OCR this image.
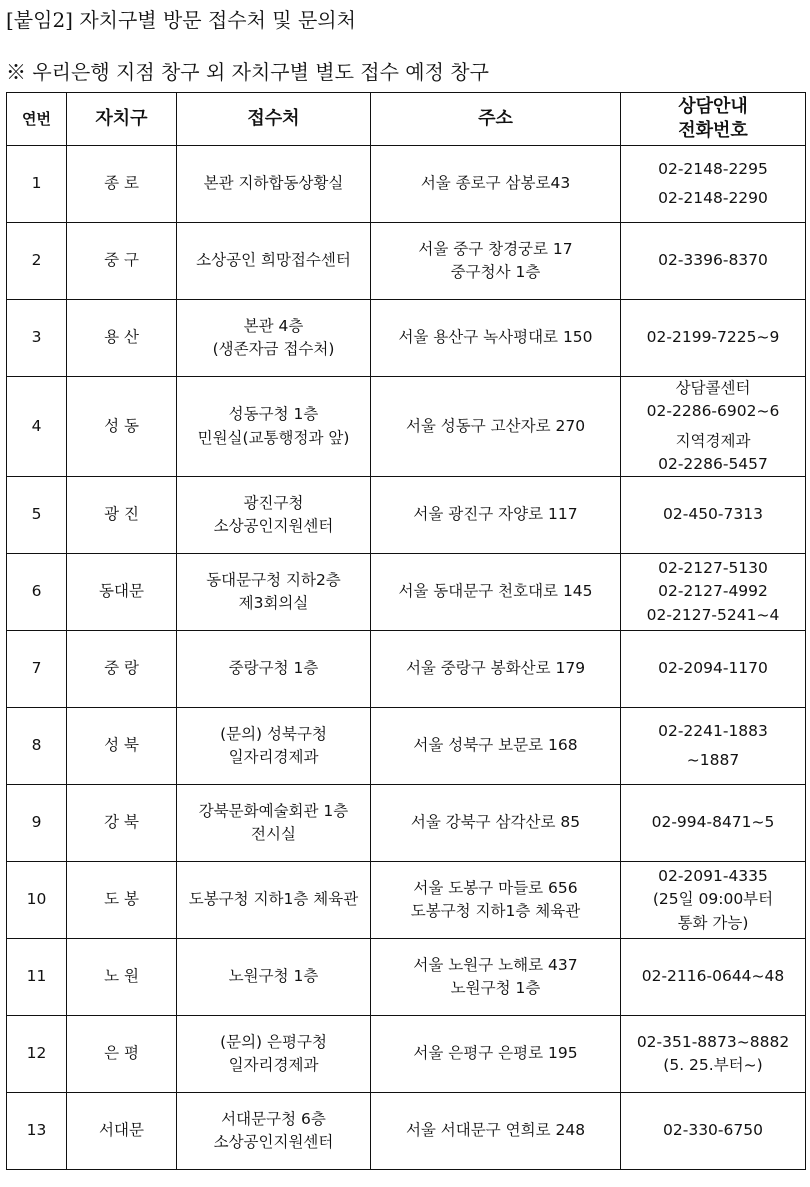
[붙임2] 자치구별 방문 접수처 및 문의처
※ 우리은행 지점 창구 외 자치구별 별도 접수 예정 창구
연번	자치구	접수처	주소	상담안내
전화번호

1	종 로	본관 지하합동상황실	서울 종로구 삼봉로43	02-2148-2295
02-2148-2290

2	중 구	소상공인 희망접수센터	서울 중구 창경궁로 17
중구청사 1층	02-3396-8370

3	용 산	본관 4층
(생존자금 접수처)	서울 용산구 녹사평대로 150	02-2199-7225~9

4	성 동	성동구청 1층
민원실(교통행정과 앞)	서울 성동구 고산자로 270	상담콜센터
02-2286-6902~6
지역경제과
02-2286-5457

5	광 진	광진구청
소상공인지원센터	서울 광진구 자양로 117	02-450-7313

6	동대문	동대문구청 지하2층
제3회의실	서울 동대문구 천호대로 145	02-2127-5130
02-2127-4992
02-2127-5241~4

7	중 랑	중랑구청 1층	서울 중랑구 봉화산로 179	02-2094-1170

8	성 북	(문의) 성북구청
일자리경제과	서울 성북구 보문로 168	02-2241-1883
~1887

9	강 북	강북문화예술회관 1층
전시실	서울 강북구 삼각산로 85	02-994-8471~5

10	도 봉	도봉구청 지하1층 체육관	서울 도봉구 마들로 656
도봉구청 지하1층 체육관	02-2091-4335
(25일 09:00부터
통화 가능)

11	노 원	노원구청 1층	서울 노원구 노해로 437
노원구청 1층	02-2116-0644~48

12	은 평	(문의) 은평구청
일자리경제과	서울 은평구 은평로 195	02-351-8873~8882
(5. 25.부터~)

13	서대문	서대문구청 6층
소상공인지원센터	서울 서대문구 연희로 248	02-330-6750
